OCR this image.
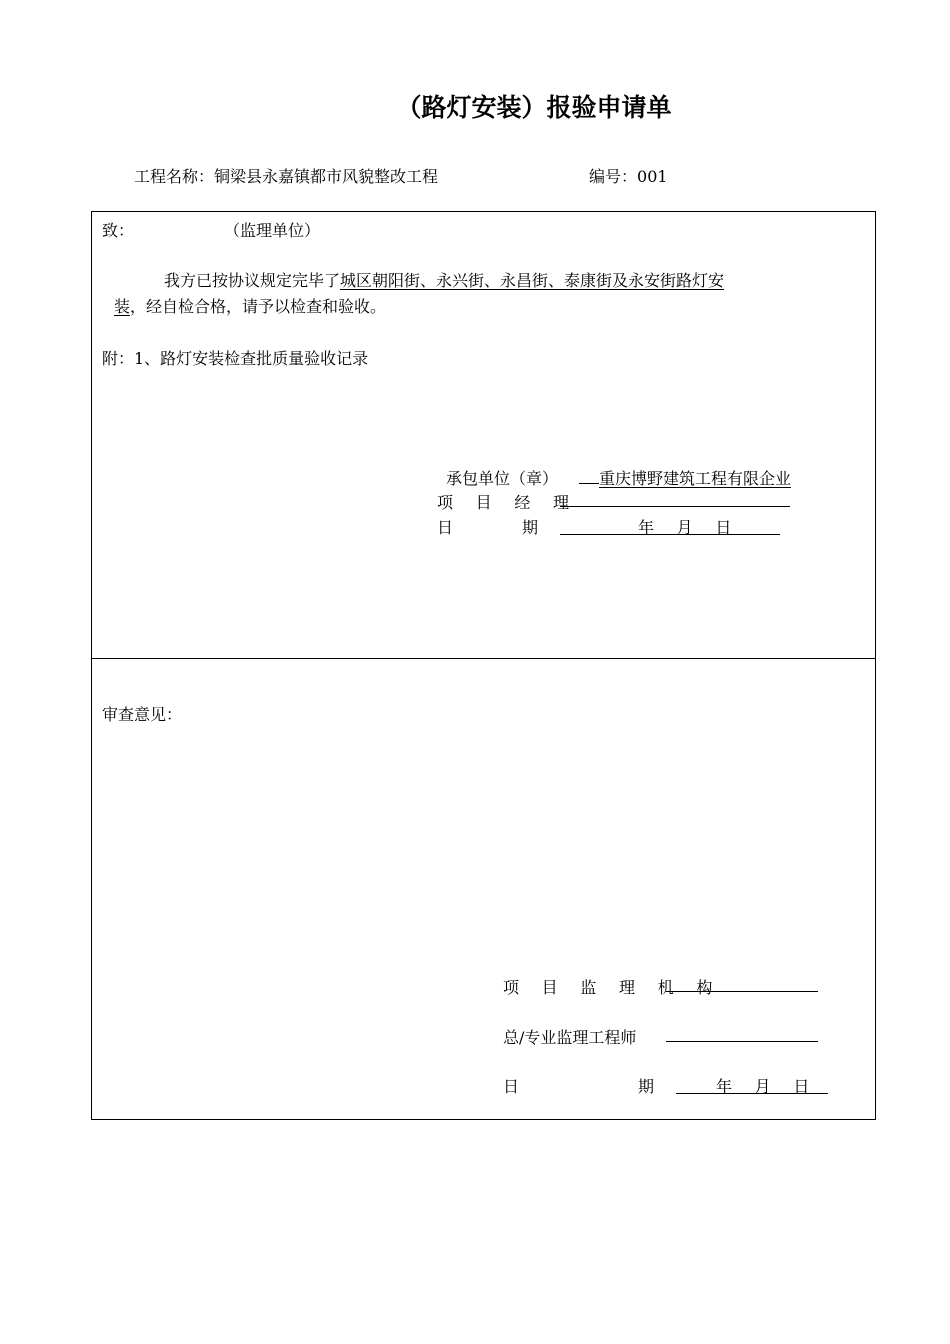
（路灯安装）报验申请单
工程名称：铜梁县永嘉镇都市风貌整改工程	编号：001
致：	（监理单位）
我方已按协议规定完毕了城区朝阳街、永兴街、永昌街、泰康街及永安街路灯安
装，经自检合格，请予以检查和验收。
附：1、路灯安装检查批质量验收记录
承包单位（章）	重庆博野建筑工程有限企业
项 目 经 理
日	期	年 月 日
审查意见：
项 目 监 理 机 构
总/专业监理工程师
日	期	年 月 日
